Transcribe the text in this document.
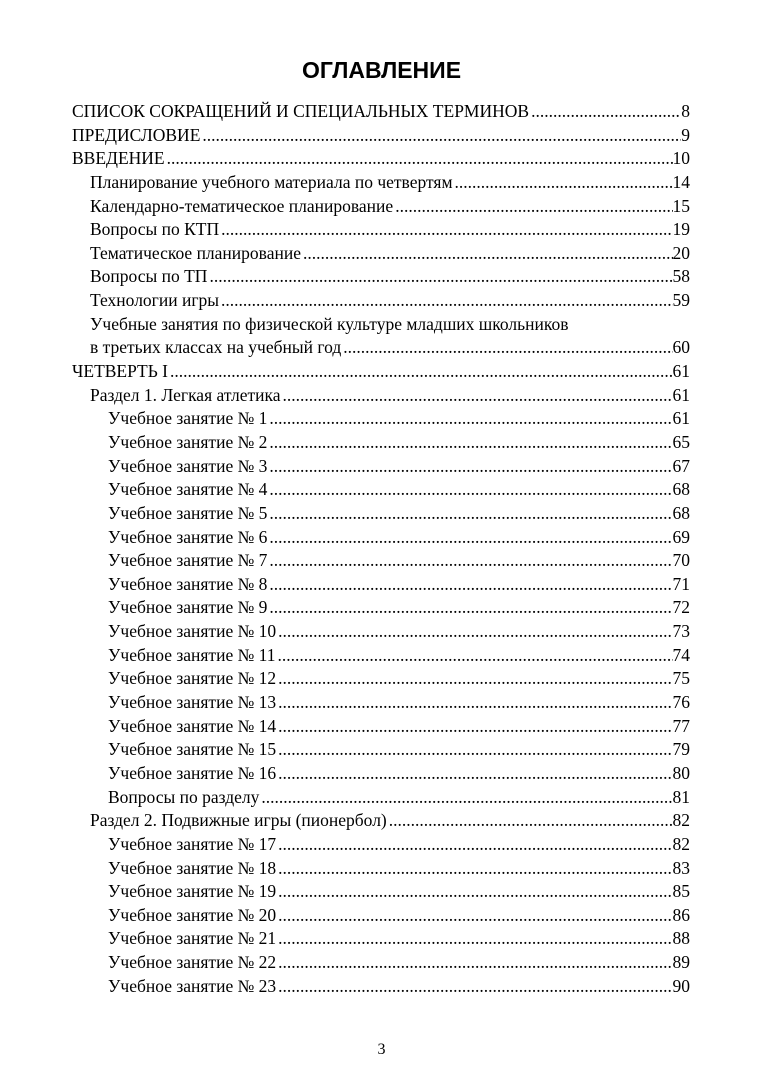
ОГЛАВЛЕНИЕ
СПИСОК СОКРАЩЕНИЙ И СПЕЦИАЛЬНЫХ ТЕРМИНОВ .....	8
ПРЕДИСЛОВИЕ .....	9
ВВЕДЕНИЕ .....	10
Планирование учебного материала по четвертям .....	14
Календарно-тематическое планирование .....	15
Вопросы по КТП .....	19
Тематическое планирование .....	20
Вопросы по ТП .....	58
Технологии игры .....	59
Учебные занятия по физической культуре младших школьников
в третьих классах на учебный год .....	60
ЧЕТВЕРТЬ I .....	61
Раздел 1. Легкая атлетика .....	61
Учебное занятие № 1 .....	61
Учебное занятие № 2 .....	65
Учебное занятие № 3 .....	67
Учебное занятие № 4 .....	68
Учебное занятие № 5 .....	68
Учебное занятие № 6 .....	69
Учебное занятие № 7 .....	70
Учебное занятие № 8 .....	71
Учебное занятие № 9 .....	72
Учебное занятие № 10 .....	73
Учебное занятие № 11 .....	74
Учебное занятие № 12 .....	75
Учебное занятие № 13 .....	76
Учебное занятие № 14 .....	77
Учебное занятие № 15 .....	79
Учебное занятие № 16 .....	80
Вопросы по разделу .....	81
Раздел 2. Подвижные игры (пионербол) .....	82
Учебное занятие № 17 .....	82
Учебное занятие № 18 .....	83
Учебное занятие № 19 .....	85
Учебное занятие № 20 .....	86
Учебное занятие № 21 .....	88
Учебное занятие № 22 .....	89
Учебное занятие № 23 .....	90
3
